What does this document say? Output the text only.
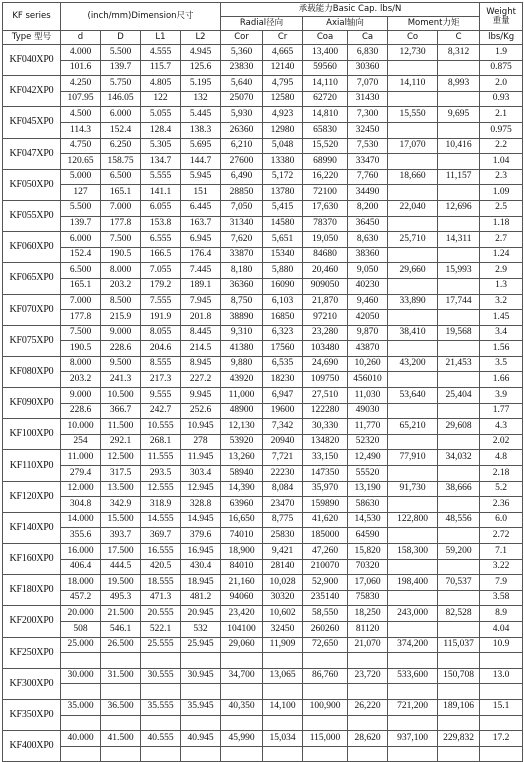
KF series	(inch/mm)Dimension尺寸				承载能力Basic Cap. lbs/N						Weight
重量
					Radial径向		Axial轴向		Moment力矩		
Type 型号	d	D	L1	L2	Cor	Cr	Coa	Ca	Co	C	lbs/Kg
KF040XP0	4.000	5.500	4.555	4.945	5,360	4,665	13,400	6,830	12,730	8,312	1.9
	101.6	139.7	115.7	125.6	23830	12140	59560	30360			0.875
KF042XP0	4.250	5.750	4.805	5.195	5,640	4,795	14,110	7,070	14,110	8,993	2.0
	107.95	146.05	122	132	25070	12580	62720	31430			0.93
KF045XP0	4.500	6.000	5.055	5.445	5,930	4,923	14,810	7,300	15,550	9,695	2.1
	114.3	152.4	128.4	138.3	26360	12980	65830	32450			0.975
KF047XP0	4.750	6.250	5.305	5.695	6,210	5,048	15,520	7,530	17,070	10,416	2.2
	120.65	158.75	134.7	144.7	27600	13380	68990	33470			1.04
KF050XP0	5.000	6.500	5.555	5.945	6,490	5,172	16,220	7,760	18,660	11,157	2.3
	127	165.1	141.1	151	28850	13780	72100	34490			1.09
KF055XP0	5.500	7.000	6.055	6.445	7,050	5,415	17,630	8,200	22,040	12,696	2.5
	139.7	177.8	153.8	163.7	31340	14580	78370	36450			1.18
KF060XP0	6.000	7.500	6.555	6.945	7,620	5,651	19,050	8,630	25,710	14,311	2.7
	152.4	190.5	166.5	176.4	33870	15340	84680	38360			1.24
KF065XP0	6.500	8.000	7.055	7.445	8,180	5,880	20,460	9,050	29,660	15,993	2.9
	165.1	203.2	179.2	189.1	36360	16090	909050	40230			1.3
KF070XP0	7.000	8.500	7.555	7.945	8,750	6,103	21,870	9,460	33,890	17,744	3.2
	177.8	215.9	191.9	201.8	38890	16850	97210	42050			1.45
KF075XP0	7.500	9.000	8.055	8.445	9,310	6,323	23,280	9,870	38,410	19,568	3.4
	190.5	228.6	204.6	214.5	41380	17560	103480	43870			1.56
KF080XP0	8.000	9.500	8.555	8.945	9,880	6,535	24,690	10,260	43,200	21,453	3.5
	203.2	241.3	217.3	227.2	43920	18230	109750	456010			1.66
KF090XP0	9.000	10.500	9.555	9.945	11,000	6,947	27,510	11,030	53,640	25,404	3.9
	228.6	366.7	242.7	252.6	48900	19600	122280	49030			1.77
KF100XP0	10.000	11.500	10.555	10.945	12,130	7,342	30,330	11,770	65,210	29,608	4.3
	254	292.1	268.1	278	53920	20940	134820	52320			2.02
KF110XP0	11.000	12.500	11.555	11.945	13,260	7,721	33,150	12,490	77,910	34,032	4.8
	279.4	317.5	293.5	303.4	58940	22230	147350	55520			2.18
KF120XP0	12.000	13.500	12.555	12.945	14,390	8,084	35,970	13,190	91,730	38,666	5.2
	304.8	342.9	318.9	328.8	63960	23470	159890	58630			2.36
KF140XP0	14.000	15.500	14.555	14.945	16,650	8,775	41,620	14,530	122,800	48,556	6.0
	355.6	393.7	369.7	379.6	74010	25830	185000	64590			2.72
KF160XP0	16.000	17.500	16.555	16.945	18,900	9,421	47,260	15,820	158,300	59,200	7.1
	406.4	444.5	420.5	430.4	84010	28140	210070	70320			3.22
KF180XP0	18.000	19.500	18.555	18.945	21,160	10,028	52,900	17,060	198,400	70,537	7.9
	457.2	495.3	471.3	481.2	94060	30320	235140	75830			3.58
KF200XP0	20.000	21.500	20.555	20.945	23,420	10,602	58,550	18,250	243,000	82,528	8.9
	508	546.1	522.1	532	104100	32450	260260	81120			4.04
KF250XP0	25.000	26.500	25.555	25.945	29,060	11,909	72,650	21,070	374,200	115,037	10.9

KF300XP0	30.000	31.500	30.555	30.945	34,700	13,065	86,760	23,720	533,600	150,708	13.0

KF350XP0	35.000	36.500	35.555	35.945	40,350	14,100	100,900	26,220	721,200	189,106	15.1

KF400XP0	40.000	41.500	40.555	40.945	45,990	15,034	115,000	28,620	937,100	229,832	17.2
